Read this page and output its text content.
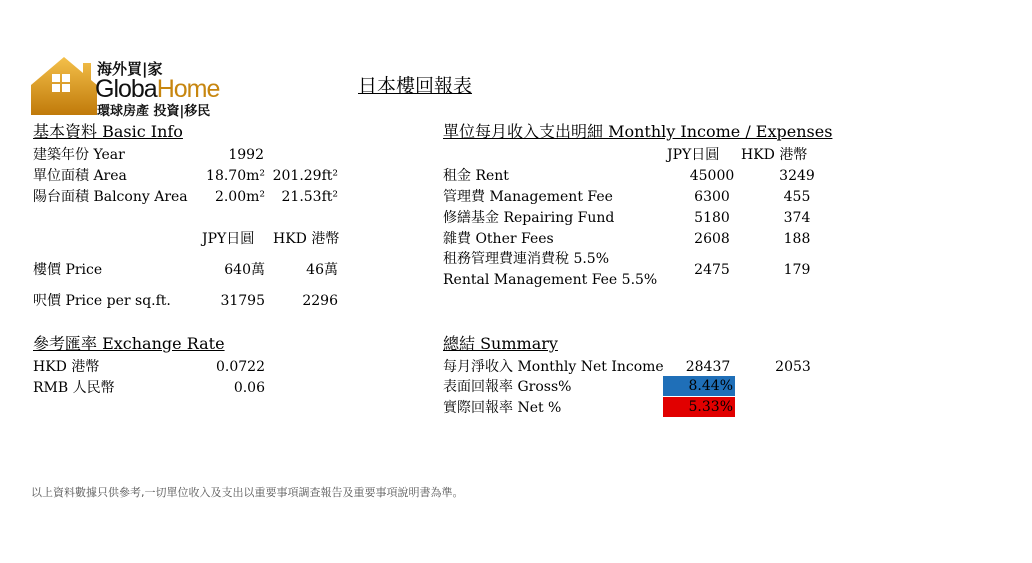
海外買|家
GlobaHome
環球房產 投資|移民
日本樓回報表
基本資料 Basic Info
建築年份 Year	1992
單位面積 Area	18.70m² 201.29ft²
陽台面積 Balcony Area	2.00m²	21.53ft²
JPY日圓 HKD 港幣
樓價 Price	640萬	46萬
呎價 Price per sq.ft.	31795	2296
參考匯率 Exchange Rate
HKD 港幣	0.0722
RMB 人民幣	0.06
單位每月收入支出明細 Monthly Income / Expenses
JPY日圓 HKD 港幣
租金 Rent	45000	3249
管理費 Management Fee	6300	455
修繕基金 Repairing Fund	5180	374
雜費 Other Fees	2608	188
租務管理費連消費稅 5.5%
Rental Management Fee 5.5%
2475	179
總結 Summary
每月淨收入 Monthly Net Income	28437	2053
表面回報率 Gross%	8.44%
實際回報率 Net %	5.33%
以上資料數據只供參考,一切單位收入及支出以重要事項調查報告及重要事項說明書為準。
